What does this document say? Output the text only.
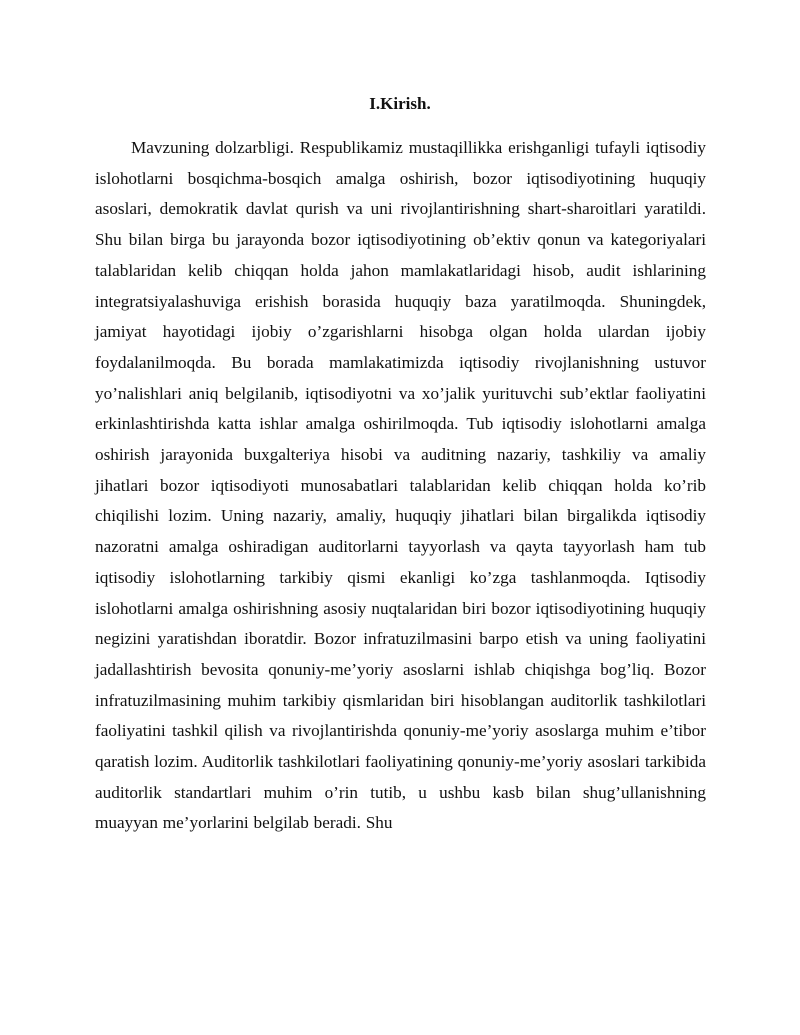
I.Kirish.

Mavzuning dolzarbligi. Respublikamiz mustaqillikka erishganligi tufayli iqtisodiy islohotlarni bosqichma-bosqich amalga oshirish, bozor iqtisodiyotining huquqiy asoslari, demokratik davlat qurish va uni rivojlantirishning shart-sharoitlari yaratildi. Shu bilan birga bu jarayonda bozor iqtisodiyotining ob’ektiv qonun va kategoriyalari talablaridan kelib chiqqan holda jahon mamlakatlaridagi hisob, audit ishlarining integratsiyalashuviga erishish borasida huquqiy baza yaratilmoqda. Shuningdek, jamiyat hayotidagi ijobiy o’zgarishlarni hisobga olgan holda ulardan ijobiy foydalanilmoqda. Bu borada mamlakatimizda iqtisodiy rivojlanishning ustuvor yo’nalishlari aniq belgilanib, iqtisodiyotni va xo’jalik yurituvchi sub’ektlar faoliyatini erkinlashtirishda katta ishlar amalga oshirilmoqda. Tub iqtisodiy islohotlarni amalga oshirish jarayonida buxgalteriya hisobi va auditning nazariy, tashkiliy va amaliy jihatlari bozor iqtisodiyoti munosabatlari talablaridan kelib chiqqan holda ko’rib chiqilishi lozim. Uning nazariy, amaliy, huquqiy jihatlari bilan birgalikda iqtisodiy nazoratni amalga oshiradigan auditorlarni tayyorlash va qayta tayyorlash ham tub iqtisodiy islohotlarning tarkibiy qismi ekanligi ko’zga tashlanmoqda. Iqtisodiy islohotlarni amalga oshirishning asosiy nuqtalaridan biri bozor iqtisodiyotining huquqiy negizini yaratishdan iboratdir. Bozor infratuzilmasini barpo etish va uning faoliyatini jadallashtirish bevosita qonuniy-me’yoriy asoslarni ishlab chiqishga bog’liq. Bozor infratuzilmasining muhim tarkibiy qismlaridan biri hisoblangan auditorlik tashkilotlari faoliyatini tashkil qilish va rivojlantirishda qonuniy-me’yoriy asoslarga muhim e’tibor qaratish lozim. Auditorlik tashkilotlari faoliyatining qonuniy-me’yoriy asoslari tarkibida auditorlik standartlari muhim o’rin tutib, u ushbu kasb bilan shug’ullanishning muayyan me’yorlarini belgilab beradi. Shu
